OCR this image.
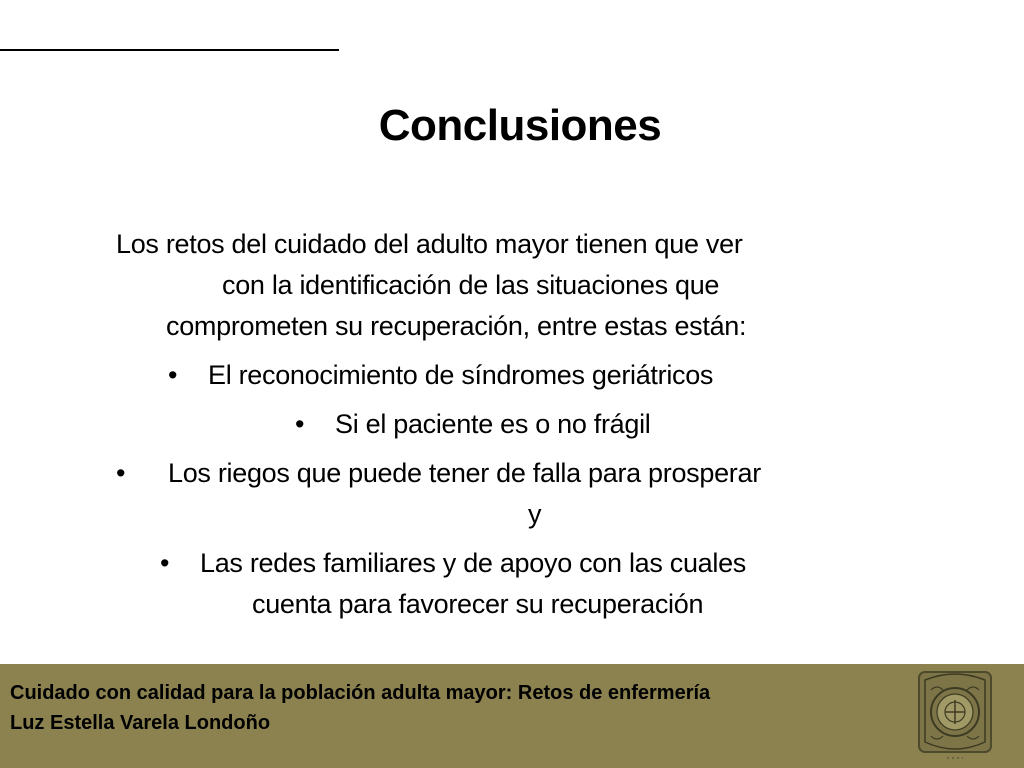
Conclusiones
Los retos del cuidado del adulto mayor tienen que ver
con la identificación de las situaciones que
comprometen su recuperación, entre estas están:
• El reconocimiento de síndromes geriátricos
• Si el paciente es o no frágil
• Los riegos que puede tener de falla para prosperar
y
• Las redes familiares y de apoyo con las cuales
cuenta para favorecer su recuperación
Cuidado con calidad para la población adulta mayor: Retos de enfermería
Luz Estella Varela Londoño
